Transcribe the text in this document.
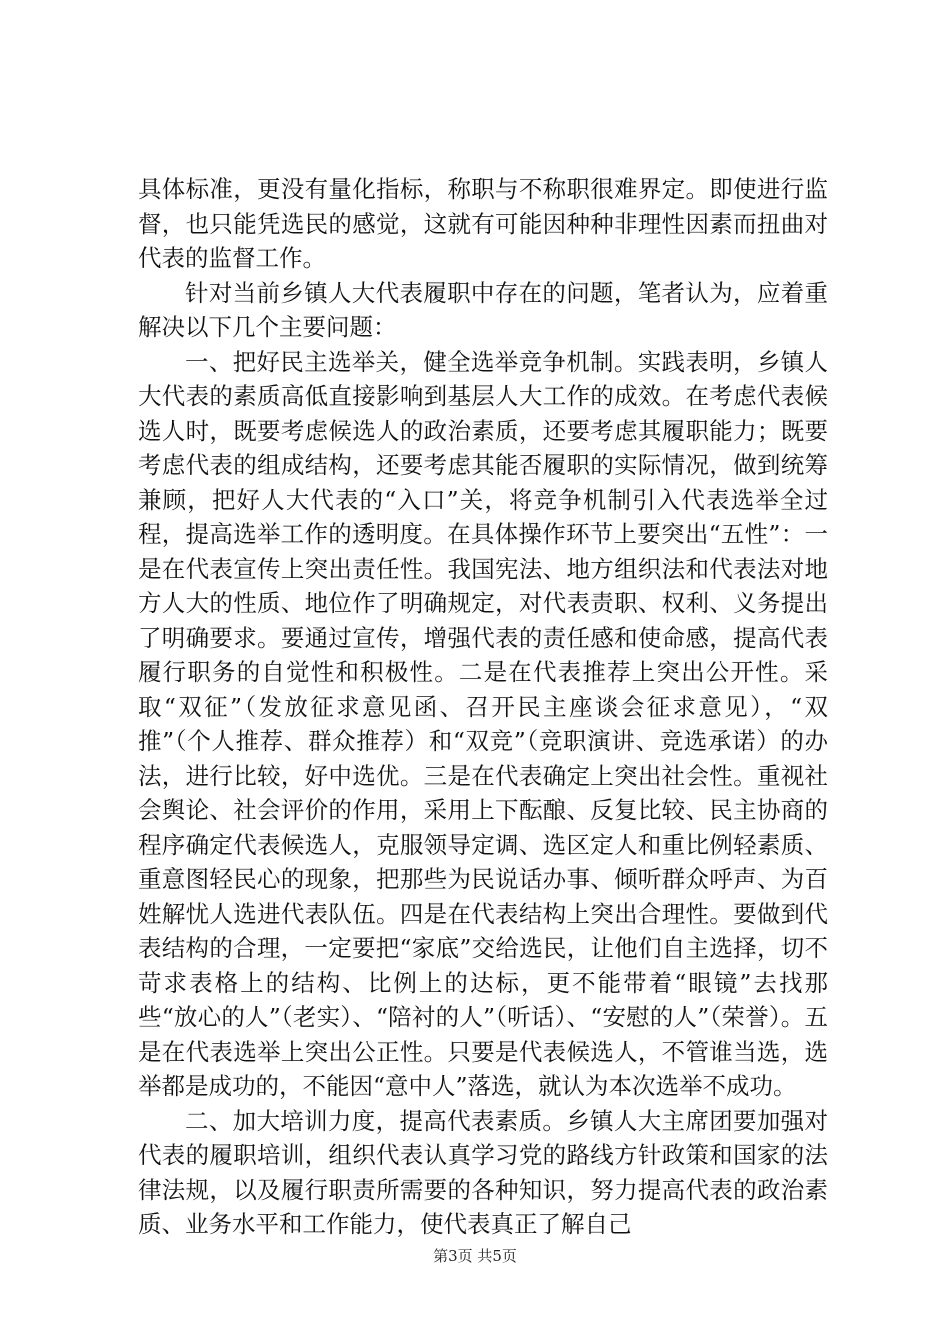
具体标准，更没有量化指标，称职与不称职很难界定。即使进行监督，也只能凭选民的感觉，这就有可能因种种非理性因素而扭曲对代表的监督工作。

针对当前乡镇人大代表履职中存在的问题，笔者认为，应着重解决以下几个主要问题：

一、把好民主选举关，健全选举竞争机制。实践表明，乡镇人大代表的素质高低直接影响到基层人大工作的成效。在考虑代表候选人时，既要考虑候选人的政治素质，还要考虑其履职能力；既要考虑代表的组成结构，还要考虑其能否履职的实际情况，做到统筹兼顾，把好人大代表的“入口”关，将竞争机制引入代表选举全过程，提高选举工作的透明度。在具体操作环节上要突出“五性”：一是在代表宣传上突出责任性。我国宪法、地方组织法和代表法对地方人大的性质、地位作了明确规定，对代表责职、权利、义务提出了明确要求。要通过宣传，增强代表的责任感和使命感，提高代表履行职务的自觉性和积极性。二是在代表推荐上突出公开性。采取“双征”（发放征求意见函、召开民主座谈会征求意见），“双推”（个人推荐、群众推荐）和“双竞”（竞职演讲、竞选承诺）的办法，进行比较，好中选优。三是在代表确定上突出社会性。重视社会舆论、社会评价的作用，采用上下酝酿、反复比较、民主协商的程序确定代表候选人，克服领导定调、选区定人和重比例轻素质、重意图轻民心的现象，把那些为民说话办事、倾听群众呼声、为百姓解忧人选进代表队伍。四是在代表结构上突出合理性。要做到代表结构的合理，一定要把“家底”交给选民，让他们自主选择，切不苛求表格上的结构、比例上的达标，更不能带着“眼镜”去找那些“放心的人”（老实）、“陪衬的人”（听话）、“安慰的人”（荣誉）。五是在代表选举上突出公正性。只要是代表候选人，不管谁当选，选举都是成功的，不能因“意中人”落选，就认为本次选举不成功。

二、加大培训力度，提高代表素质。乡镇人大主席团要加强对代表的履职培训，组织代表认真学习党的路线方针政策和国家的法律法规，以及履行职责所需要的各种知识，努力提高代表的政治素质、业务水平和工作能力，使代表真正了解自己

第3页 共5页
